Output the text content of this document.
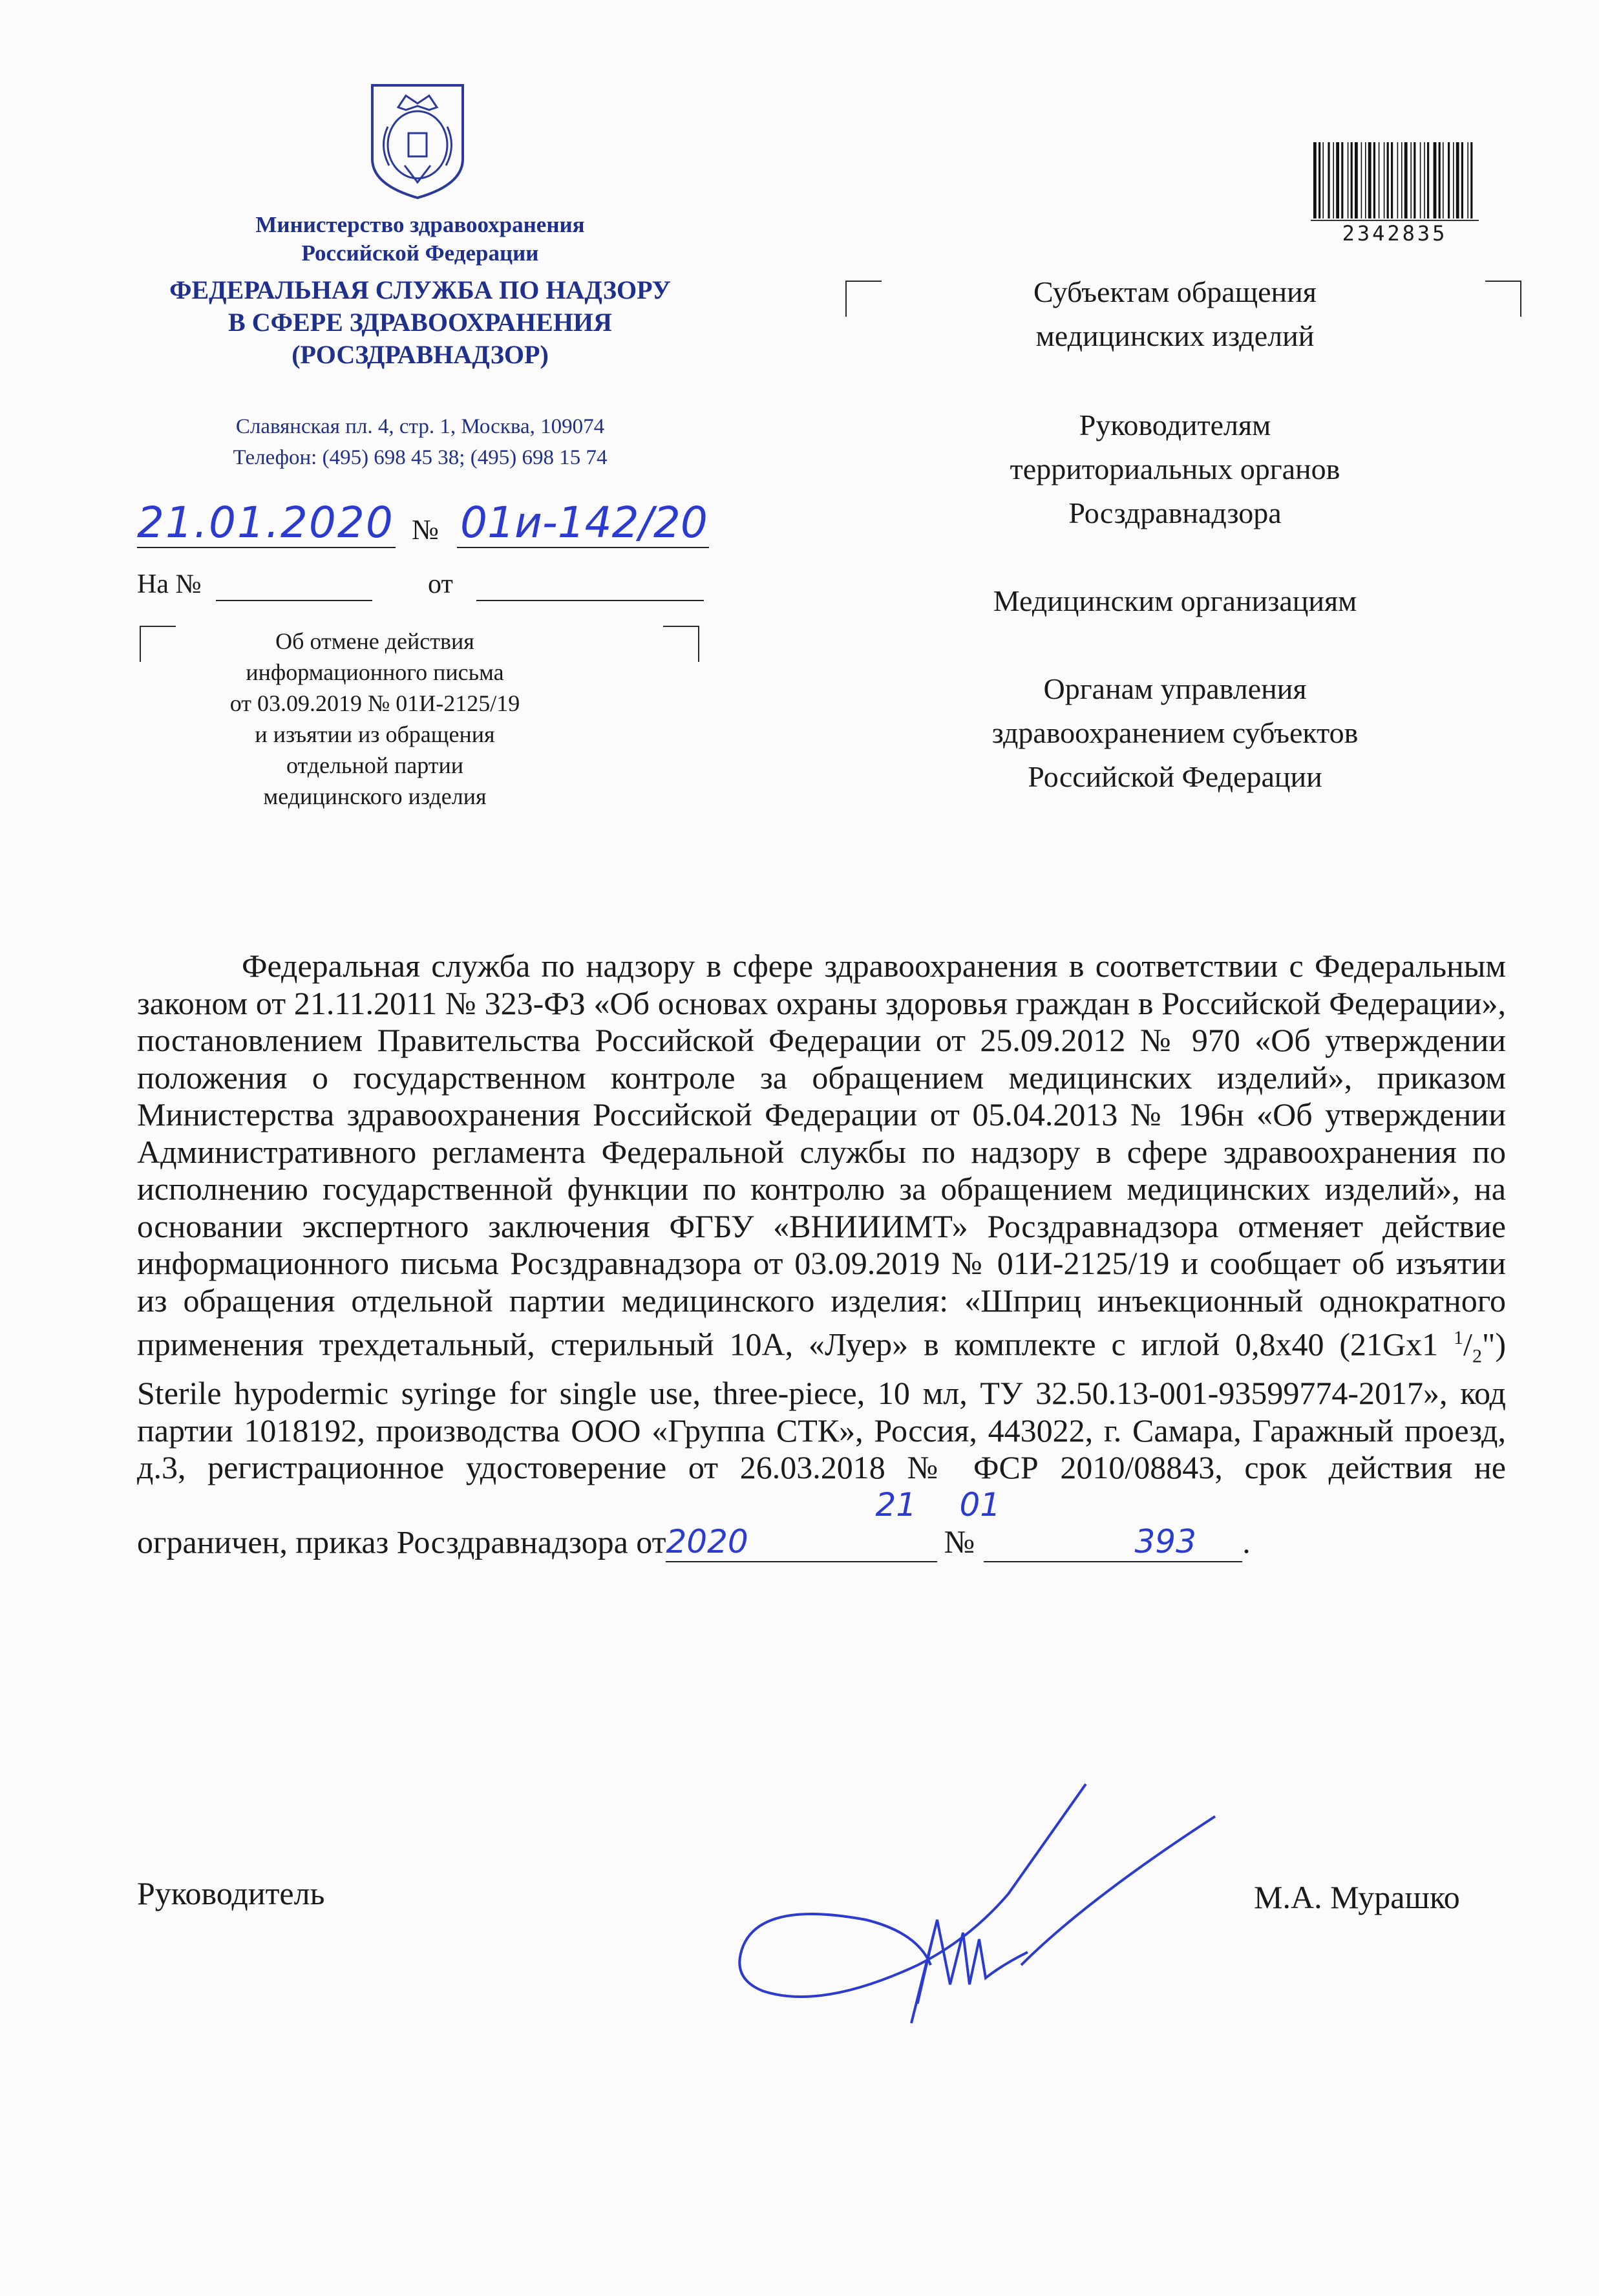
Министерство здравоохранения
Российской Федерации
ФЕДЕРАЛЬНАЯ СЛУЖБА ПО НАДЗОРУ
В СФЕРЕ ЗДРАВООХРАНЕНИЯ
(РОСЗДРАВНАДЗОР)
Славянская пл. 4, стр. 1, Москва, 109074
Телефон: (495) 698 45 38; (495) 698 15 74
21.01.2020 № 01и-142/20
На №	от
Об отмене действия
информационного письма
от 03.09.2019 № 01И-2125/19
и изъятии из обращения
отдельной партии
медицинского изделия
2342835
Субъектам обращения
медицинских изделий
Руководителям
территориальных органов
Росздравнадзора
Медицинским организациям
Органам управления
здравоохранением субъектов
Российской Федерации
Федеральная служба по надзору в сфере здравоохранения в соответствии с Федеральным законом от 21.11.2011 № 323-ФЗ «Об основах охраны здоровья граждан в Российской Федерации», постановлением Правительства Российской Федерации от 25.09.2012 № 970 «Об утверждении положения о государственном контроле за обращением медицинских изделий», приказом Министерства здравоохранения Российской Федерации от 05.04.2013 № 196н «Об утверждении Административного регламента Федеральной службы по надзору в сфере здравоохранения по исполнению государственной функции по контролю за обращением медицинских изделий», на основании экспертного заключения ФГБУ «ВНИИИМТ» Росздравнадзора отменяет действие информационного письма Росздравнадзора от 03.09.2019 № 01И-2125/19 и сообщает об изъятии из обращения отдельной партии медицинского изделия: «Шприц инъекционный однократного применения трехдетальный, стерильный 10А, «Луер» в комплекте с иглой 0,8x40 (21Gx1 $^1/_2$") Sterile hypodermic syringe for single use, three-piece, 10 мл, ТУ 32.50.13-001-93599774-2017», код партии 1018192, производства ООО «Группа СТК», Россия, 443022, г. Самара, Гаражный проезд, д.3, регистрационное удостоверение от 26.03.2018 № ФСР 2010/08843, срок действия не ограничен, приказ Росздравнадзора от21 012020	№	393 .
Руководитель	М.А. Мурашко
